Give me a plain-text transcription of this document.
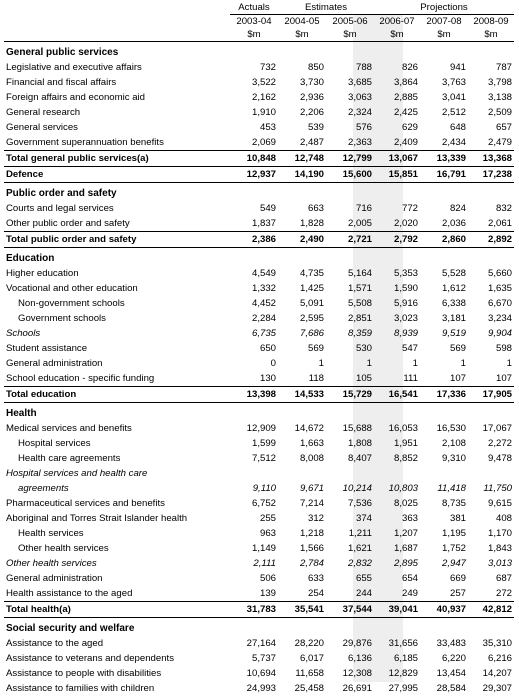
	Actuals	Estimates		Projections		
	2003-04	2004-05	2005-06	2006-07	2007-08	2008-09
	$m	$m	$m	$m	$m	$m
General public services						
Legislative and executive affairs	732	850	788	826	941	787
Financial and fiscal affairs	3,522	3,730	3,685	3,864	3,763	3,798
Foreign affairs and economic aid	2,162	2,936	3,063	2,885	3,041	3,138
General research	1,910	2,206	2,324	2,425	2,512	2,509
General services	453	539	576	629	648	657
Government superannuation benefits	2,069	2,487	2,363	2,409	2,434	2,479
Total general public services(a)	10,848	12,748	12,799	13,067	13,339	13,368
Defence	12,937	14,190	15,600	15,851	16,791	17,238
Public order and safety						
Courts and legal services	549	663	716	772	824	832
Other public order and safety	1,837	1,828	2,005	2,020	2,036	2,061
Total public order and safety	2,386	2,490	2,721	2,792	2,860	2,892
Education						
Higher education	4,549	4,735	5,164	5,353	5,528	5,660
Vocational and other education	1,332	1,425	1,571	1,590	1,612	1,635
Non-government schools	4,452	5,091	5,508	5,916	6,338	6,670
Government schools	2,284	2,595	2,851	3,023	3,181	3,234
Schools	6,735	7,686	8,359	8,939	9,519	9,904
Student assistance	650	569	530	547	569	598
General administration	0	1	1	1	1	1
School education - specific funding	130	118	105	111	107	107
Total education	13,398	14,533	15,729	16,541	17,336	17,905
Health						
Medical services and benefits	12,909	14,672	15,688	16,053	16,530	17,067
Hospital services	1,599	1,663	1,808	1,951	2,108	2,272
Health care agreements	7,512	8,008	8,407	8,852	9,310	9,478
Hospital services and health care						
agreements	9,110	9,671	10,214	10,803	11,418	11,750
Pharmaceutical services and benefits	6,752	7,214	7,536	8,025	8,735	9,615
Aboriginal and Torres Strait Islander health	255	312	374	363	381	408
Health services	963	1,218	1,211	1,207	1,195	1,170
Other health services	1,149	1,566	1,621	1,687	1,752	1,843
Other health services	2,111	2,784	2,832	2,895	2,947	3,013
General administration	506	633	655	654	669	687
Health assistance to the aged	139	254	244	249	257	272
Total health(a)	31,783	35,541	37,544	39,041	40,937	42,812
Social security and welfare						
Assistance to the aged	27,164	28,220	29,876	31,656	33,483	35,310
Assistance to veterans and dependents	5,737	6,017	6,136	6,185	6,220	6,216
Assistance to people with disabilities	10,694	11,658	12,308	12,829	13,454	14,207
Assistance to families with children	24,993	25,458	26,691	27,995	28,584	29,307
